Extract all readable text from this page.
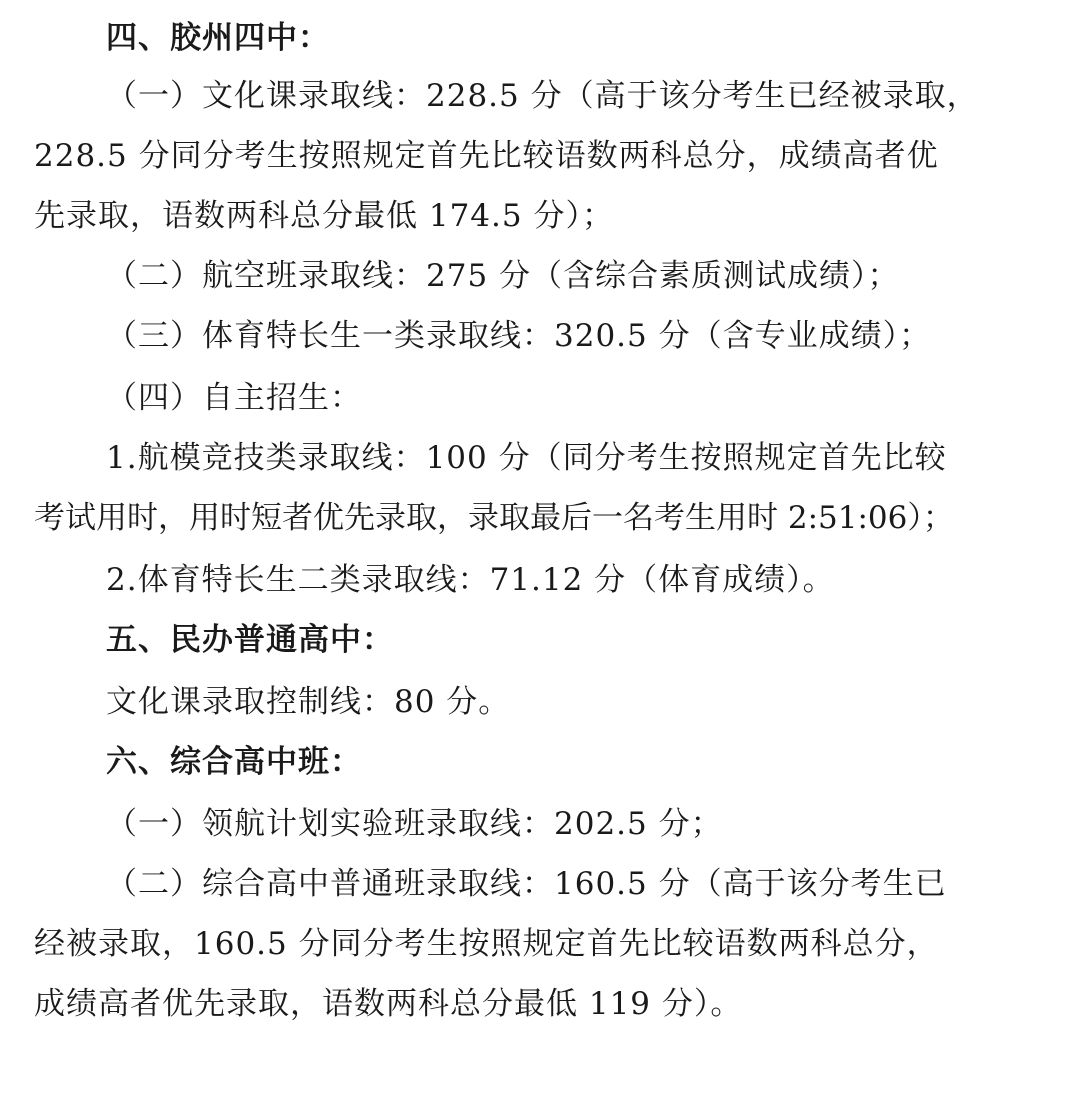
四、胶州四中：
（一）文化课录取线：228.5 分（高于该分考生已经被录取，
228.5 分同分考生按照规定首先比较语数两科总分，成绩高者优
先录取，语数两科总分最低 174.5 分）；
（二）航空班录取线：275 分（含综合素质测试成绩）；
（三）体育特长生一类录取线：320.5 分（含专业成绩）；
（四）自主招生：
1.航模竞技类录取线：100 分（同分考生按照规定首先比较
考试用时，用时短者优先录取，录取最后一名考生用时 2:51:06）；
2.体育特长生二类录取线：71.12 分（体育成绩）。
五、民办普通高中：
文化课录取控制线：80 分。
六、综合高中班：
（一）领航计划实验班录取线：202.5 分；
（二）综合高中普通班录取线：160.5 分（高于该分考生已
经被录取，160.5 分同分考生按照规定首先比较语数两科总分，
成绩高者优先录取，语数两科总分最低 119 分）。
